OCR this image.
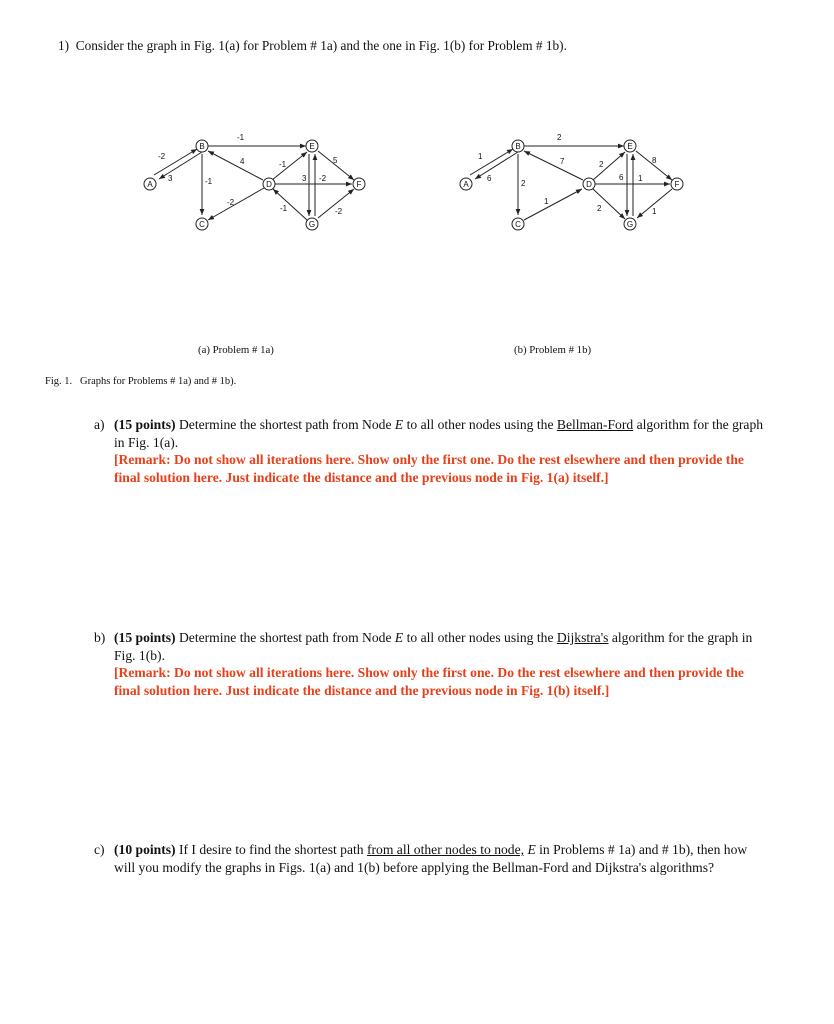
1) Consider the graph in Fig. 1(a) for Problem # 1a) and the one in Fig. 1(b) for Problem # 1b).
A
B
C
D
E
F
G
-2
3
-1
-1
4
-2
-1
-1
3 -2
5
-2
A
B
C
D
E
F
G
1
6
2
2
7	2
6 1
8
2
1
1
(a) Problem # 1a)	(b) Problem # 1b)
Fig. 1.   Graphs for Problems # 1a) and # 1b).
a) (15 points) Determine the shortest path from Node E to all other nodes using the Bellman-Ford algorithm for the graph in Fig. 1(a).

[Remark: Do not show all iterations here. Show only the first one. Do the rest elsewhere and then provide the final solution here. Just indicate the distance and the previous node in Fig. 1(a) itself.]

b) (15 points) Determine the shortest path from Node E to all other nodes using the Dijkstra's algorithm for the graph in Fig. 1(b).

[Remark: Do not show all iterations here. Show only the first one. Do the rest elsewhere and then provide the final solution here. Just indicate the distance and the previous node in Fig. 1(b) itself.]

c) (10 points) If I desire to find the shortest path from all other nodes to node, E in Problems # 1a) and # 1b), then how will you modify the graphs in Figs. 1(a) and 1(b) before applying the Bellman-Ford and Dijkstra's algorithms?
